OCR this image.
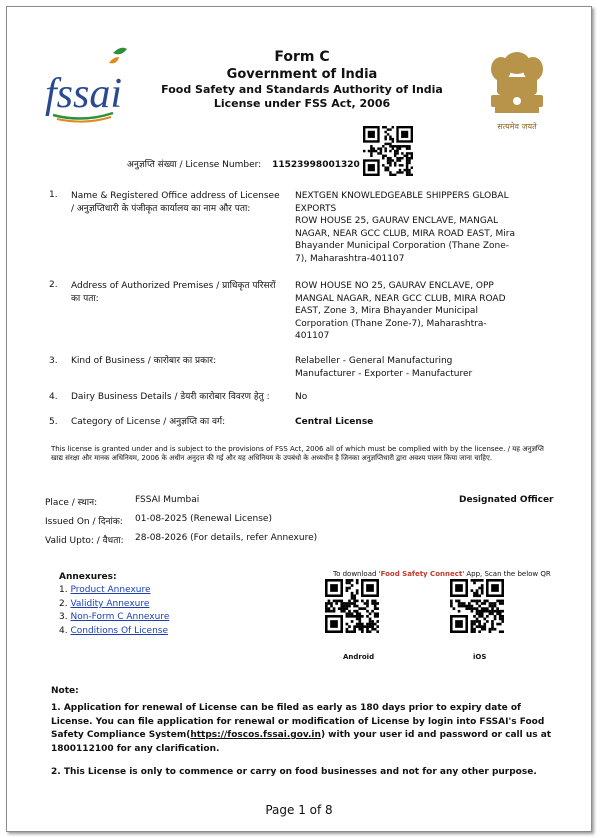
fssai
Form C
Government of India
Food Safety and Standards Authority of India
License under FSS Act, 2006
सत्यमेव जयते
अनुज्ञप्ति संख्या / License Number: 11523998001320
1. Name & Registered Office address of Licensee / अनुज्ञप्तिधारी के पंजीकृत कार्यालय का नाम और पता:
NEXTGEN KNOWLEDGEABLE SHIPPERS GLOBAL EXPORTS
ROW HOUSE 25, GAURAV ENCLAVE, MANGAL NAGAR, NEAR GCC CLUB, MIRA ROAD EAST, Mira Bhayander Municipal Corporation (Thane Zone-7), Maharashtra-401107
2. Address of Authorized Premises / प्राधिकृत परिसरों का पता:
ROW HOUSE NO 25, GAURAV ENCLAVE, OPP MANGAL NAGAR, NEAR GCC CLUB, MIRA ROAD EAST, Zone 3, Mira Bhayander Municipal Corporation (Thane Zone-7), Maharashtra-401107
3. Kind of Business / कारोबार का प्रकार:	Relabeller - General Manufacturing Manufacturer - Exporter - Manufacturer
4. Dairy Business Details / डेयरी कारोबार विवरण हेतु :	No
5. Category of License / अनुज्ञप्ति का वर्ग:	Central License
This license is granted under and is subject to the provisions of FSS Act, 2006 all of which must be complied with by the licensee. / यह अनुज्ञप्ति खाद्य संरक्षा और मानक अधिनियम, 2006 के अधीन अनुदत्त की गई और यह अधिनियम के उपबंधो के अध्यधीन है जिनका अनुज्ञप्तिधारी द्वारा अवश्य पालन किया जाना चाहिए.
Place / स्थान:	FSSAI Mumbai
Issued On / दिनांक: 01-08-2025 (Renewal License)
Valid Upto: / वैधता: 28-08-2026 (For details, refer Annexure)
Designated Officer
Annexures:
1. Product Annexure
2. Validity Annexure
3. Non-Form C Annexure
4. Conditions Of License
To download 'Food Safety Connect' App, Scan the below QR
Android	iOS
Note:
1. Application for renewal of License can be filed as early as 180 days prior to expiry date of License. You can file application for renewal or modification of License by login into FSSAI's Food Safety Compliance System(https://foscos.fssai.gov.in) with your user id and password or call us at 1800112100 for any clarification.
2. This License is only to commence or carry on food businesses and not for any other purpose.
Page 1 of 8
